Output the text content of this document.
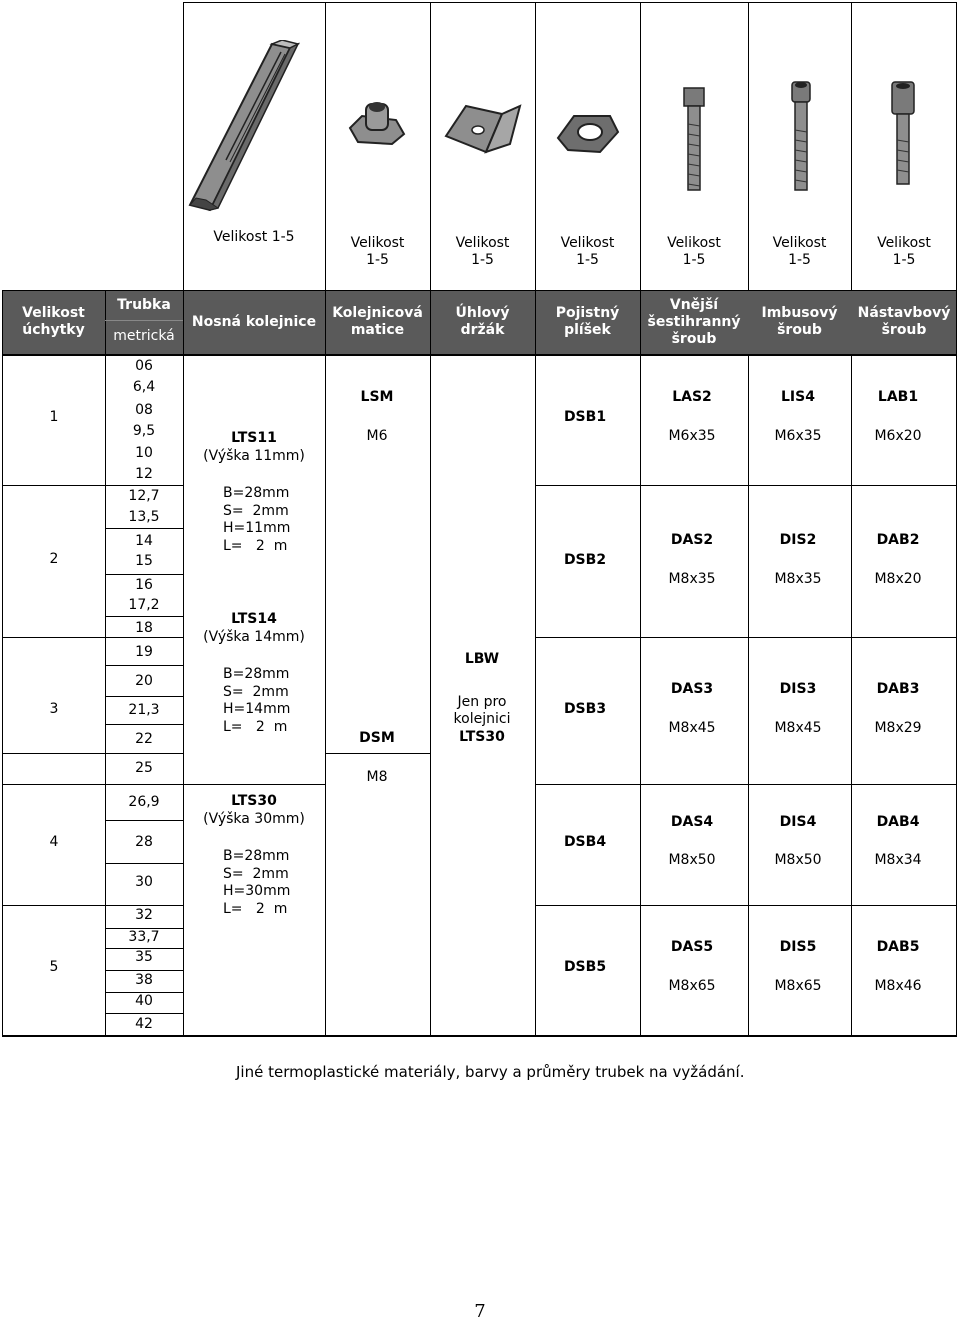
Velikost 1-5	Velikost
1-5
Velikost
1-5
Velikost
1-5
Velikost
1-5
Velikost
1-5
Velikost
1-5
Velikost
úchytky
Trubka
metrická
Nosná kolejnice
Kolejnicová
matice
Úhlový
držák
Pojistný
plíšek
Vnější
šestihranný
šroub
Imbusový
šroub
Nástavbový
šroub
1
2
3
4
5
06
6,4
08
9,5
10
12
12,7
13,5
14
15
16
17,2
18
19
20
21,3
22
25
26,9
28
30
32
33,7
35
38
40
42
LTS11
(Výška 11mm)
B=28mm
S=  2mm
H=11mm
L=   2  m
LTS14
(Výška 14mm)
B=28mm
S=  2mm
H=14mm
L=   2  m
LTS30
(Výška 30mm)
B=28mm
S=  2mm
H=30mm
L=   2  m
LSM
M6
DSM
M8
LBW
Jen pro
kolejnici
LTS30
DSB1
DSB2
DSB3
DSB4
DSB5
LAS2
M6x35
DAS2
M8x35
DAS3
M8x45
DAS4
M8x50
DAS5
M8x65
LIS4
M6x35
DIS2
M8x35
DIS3
M8x45
DIS4
M8x50
DIS5
M8x65
LAB1
M6x20
DAB2
M8x20
DAB3
M8x29
DAB4
M8x34
DAB5
M8x46
Jiné termoplastické materiály, barvy a průměry trubek na vyžádání.
7
